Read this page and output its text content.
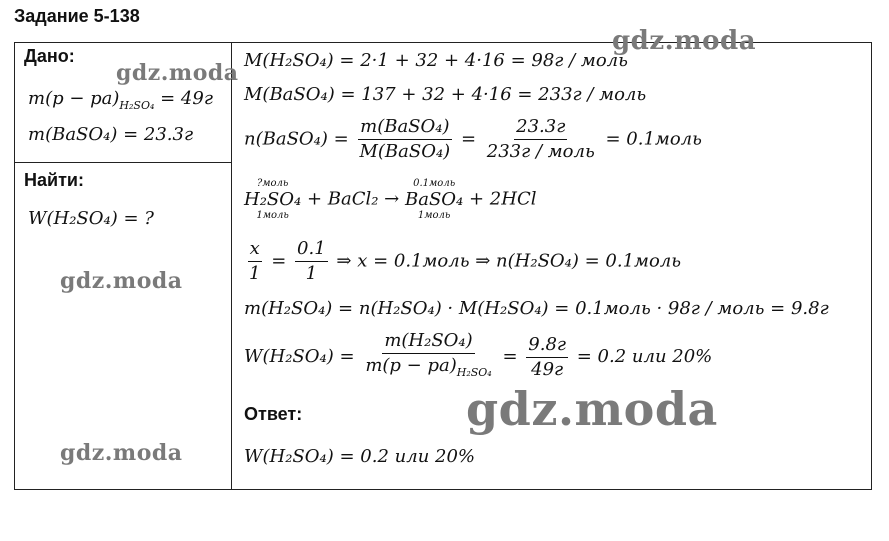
Задание 5-138
Дано:
$m(p - pa)_{H_2SO_4} = 49г$
m(BaSO₄) = 23.3г
Найти:
W(H₂SO₄) = ?
M(H₂SO₄) = 2·1 + 32 + 4·16 = 98г / моль
M(BaSO₄) = 137 + 32 + 4·16 = 233г / моль
n(BaSO₄) = $\frac{\text{m(BaSO₄)}}{\text{M(BaSO₄)}} = \frac{23.3г}{\text{233г / моль}}$ = 0.1моль
?моль
H₂SO₄
1моль
+ BaCl₂ →
0.1моль
BaSO₄
1моль
+ 2HCl
$\frac{x}{1} = \frac{0.1}{1}$ ⇒ x = 0.1моль ⇒ n(H₂SO₄) = 0.1моль
m(H₂SO₄) = n(H₂SO₄) · M(H₂SO₄) = 0.1моль · 98г / моль = 9.8г
$W(H_2SO_4) = \frac{\text{m(H₂SO₄)}}{m(p - pa)_{H_2SO_4}} = \frac{9.8г}{49г} = 0.2$ или 20%
Ответ:
W(H₂SO₄) = 0.2 или 20%
gdz.moda
gdz.moda
gdz.moda
gdz.moda
gdz.moda
